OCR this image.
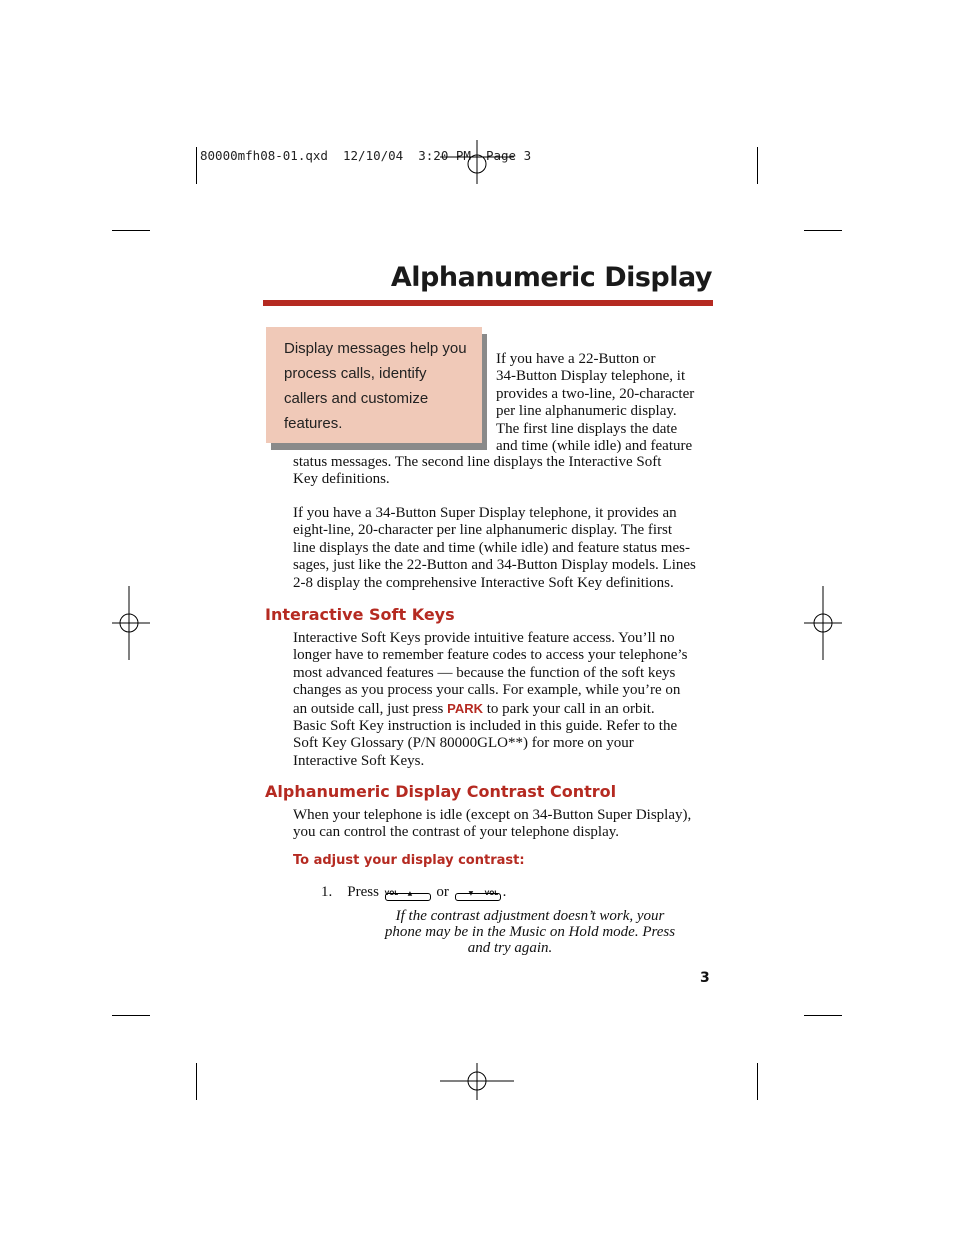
80000mfh08-01.qxd  12/10/04  3:20 PM  Page 3
Alphanumeric Display

Display messages help you process calls, identify callers and customize features.

If you have a 22-Button or

34-Button Display telephone, it

provides a two-line, 20-character

per line alphanumeric display.

The first line displays the date

and time (while idle) and feature

status messages. The second line displays the Interactive Soft

Key definitions.

If you have a 34-Button Super Display telephone, it provides an

eight-line, 20-character per line alphanumeric display. The first

line displays the date and time (while idle) and feature status mes-

sages, just like the 22-Button and 34-Button Display models. Lines

2-8 display the comprehensive Interactive Soft Key definitions.

Interactive Soft Keys

Interactive Soft Keys provide intuitive feature access. You’ll no

longer have to remember feature codes to access your telephone’s

most advanced features — because the function of the soft keys

changes as you process your calls. For example, while you’re on

an outside call, just press PARK to park your call in an orbit.

Basic Soft Key instruction is included in this guide. Refer to the

Soft Key Glossary (P/N 80000GLO**) for more on your

Interactive Soft Keys.

Alphanumeric Display Contrast Control

When your telephone is idle (except on 34-Button Super Display),

you can control the contrast of your telephone display.

To adjust your display contrast:
1. Press VOL ▲ or	▼ VOL .
If the contrast adjustment doesn’t work, your
phone may be in the Music on Hold mode. Press
and try again.
3
